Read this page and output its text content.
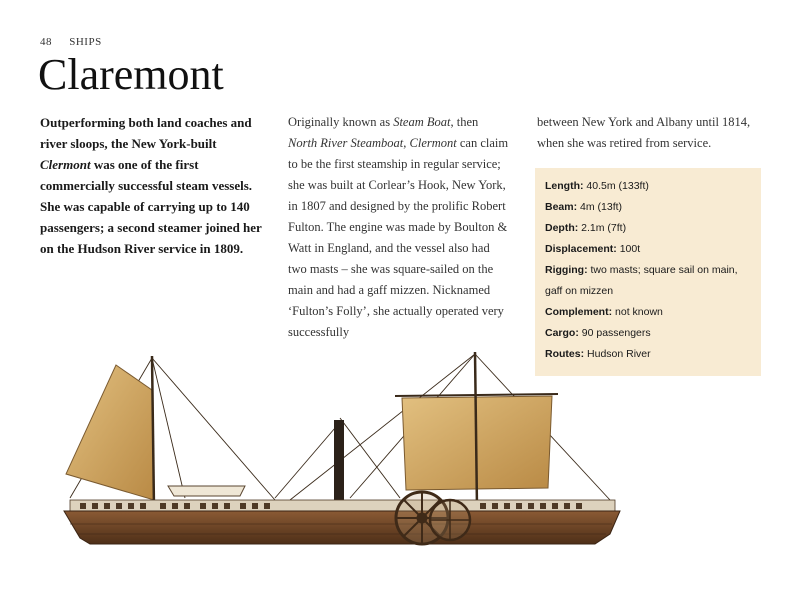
48 SHIPS
Claremont
Outperforming both land coaches and river sloops, the New York-built Clermont was one of the first commercially successful steam vessels. She was capable of carrying up to 140 passengers; a second steamer joined her on the Hudson River service in 1809.
Originally known as Steam Boat, then North River Steamboat, Clermont can claim to be the first steamship in regular service; she was built at Corlear’s Hook, New York, in 1807 and designed by the prolific Robert Fulton. The engine was made by Boulton & Watt in England, and the vessel also had two masts – she was square-sailed on the main and had a gaff mizzen. Nicknamed ‘Fulton’s Folly’, she actually operated very successfully
between New York and Albany until 1814, when she was retired from service.
Length: 40.5m (133ft)
Beam: 4m (13ft)
Depth: 2.1m (7ft)
Displacement: 100t
Rigging: two masts; square sail on main, gaff on mizzen
Complement: not known
Cargo: 90 passengers
Routes: Hudson River
